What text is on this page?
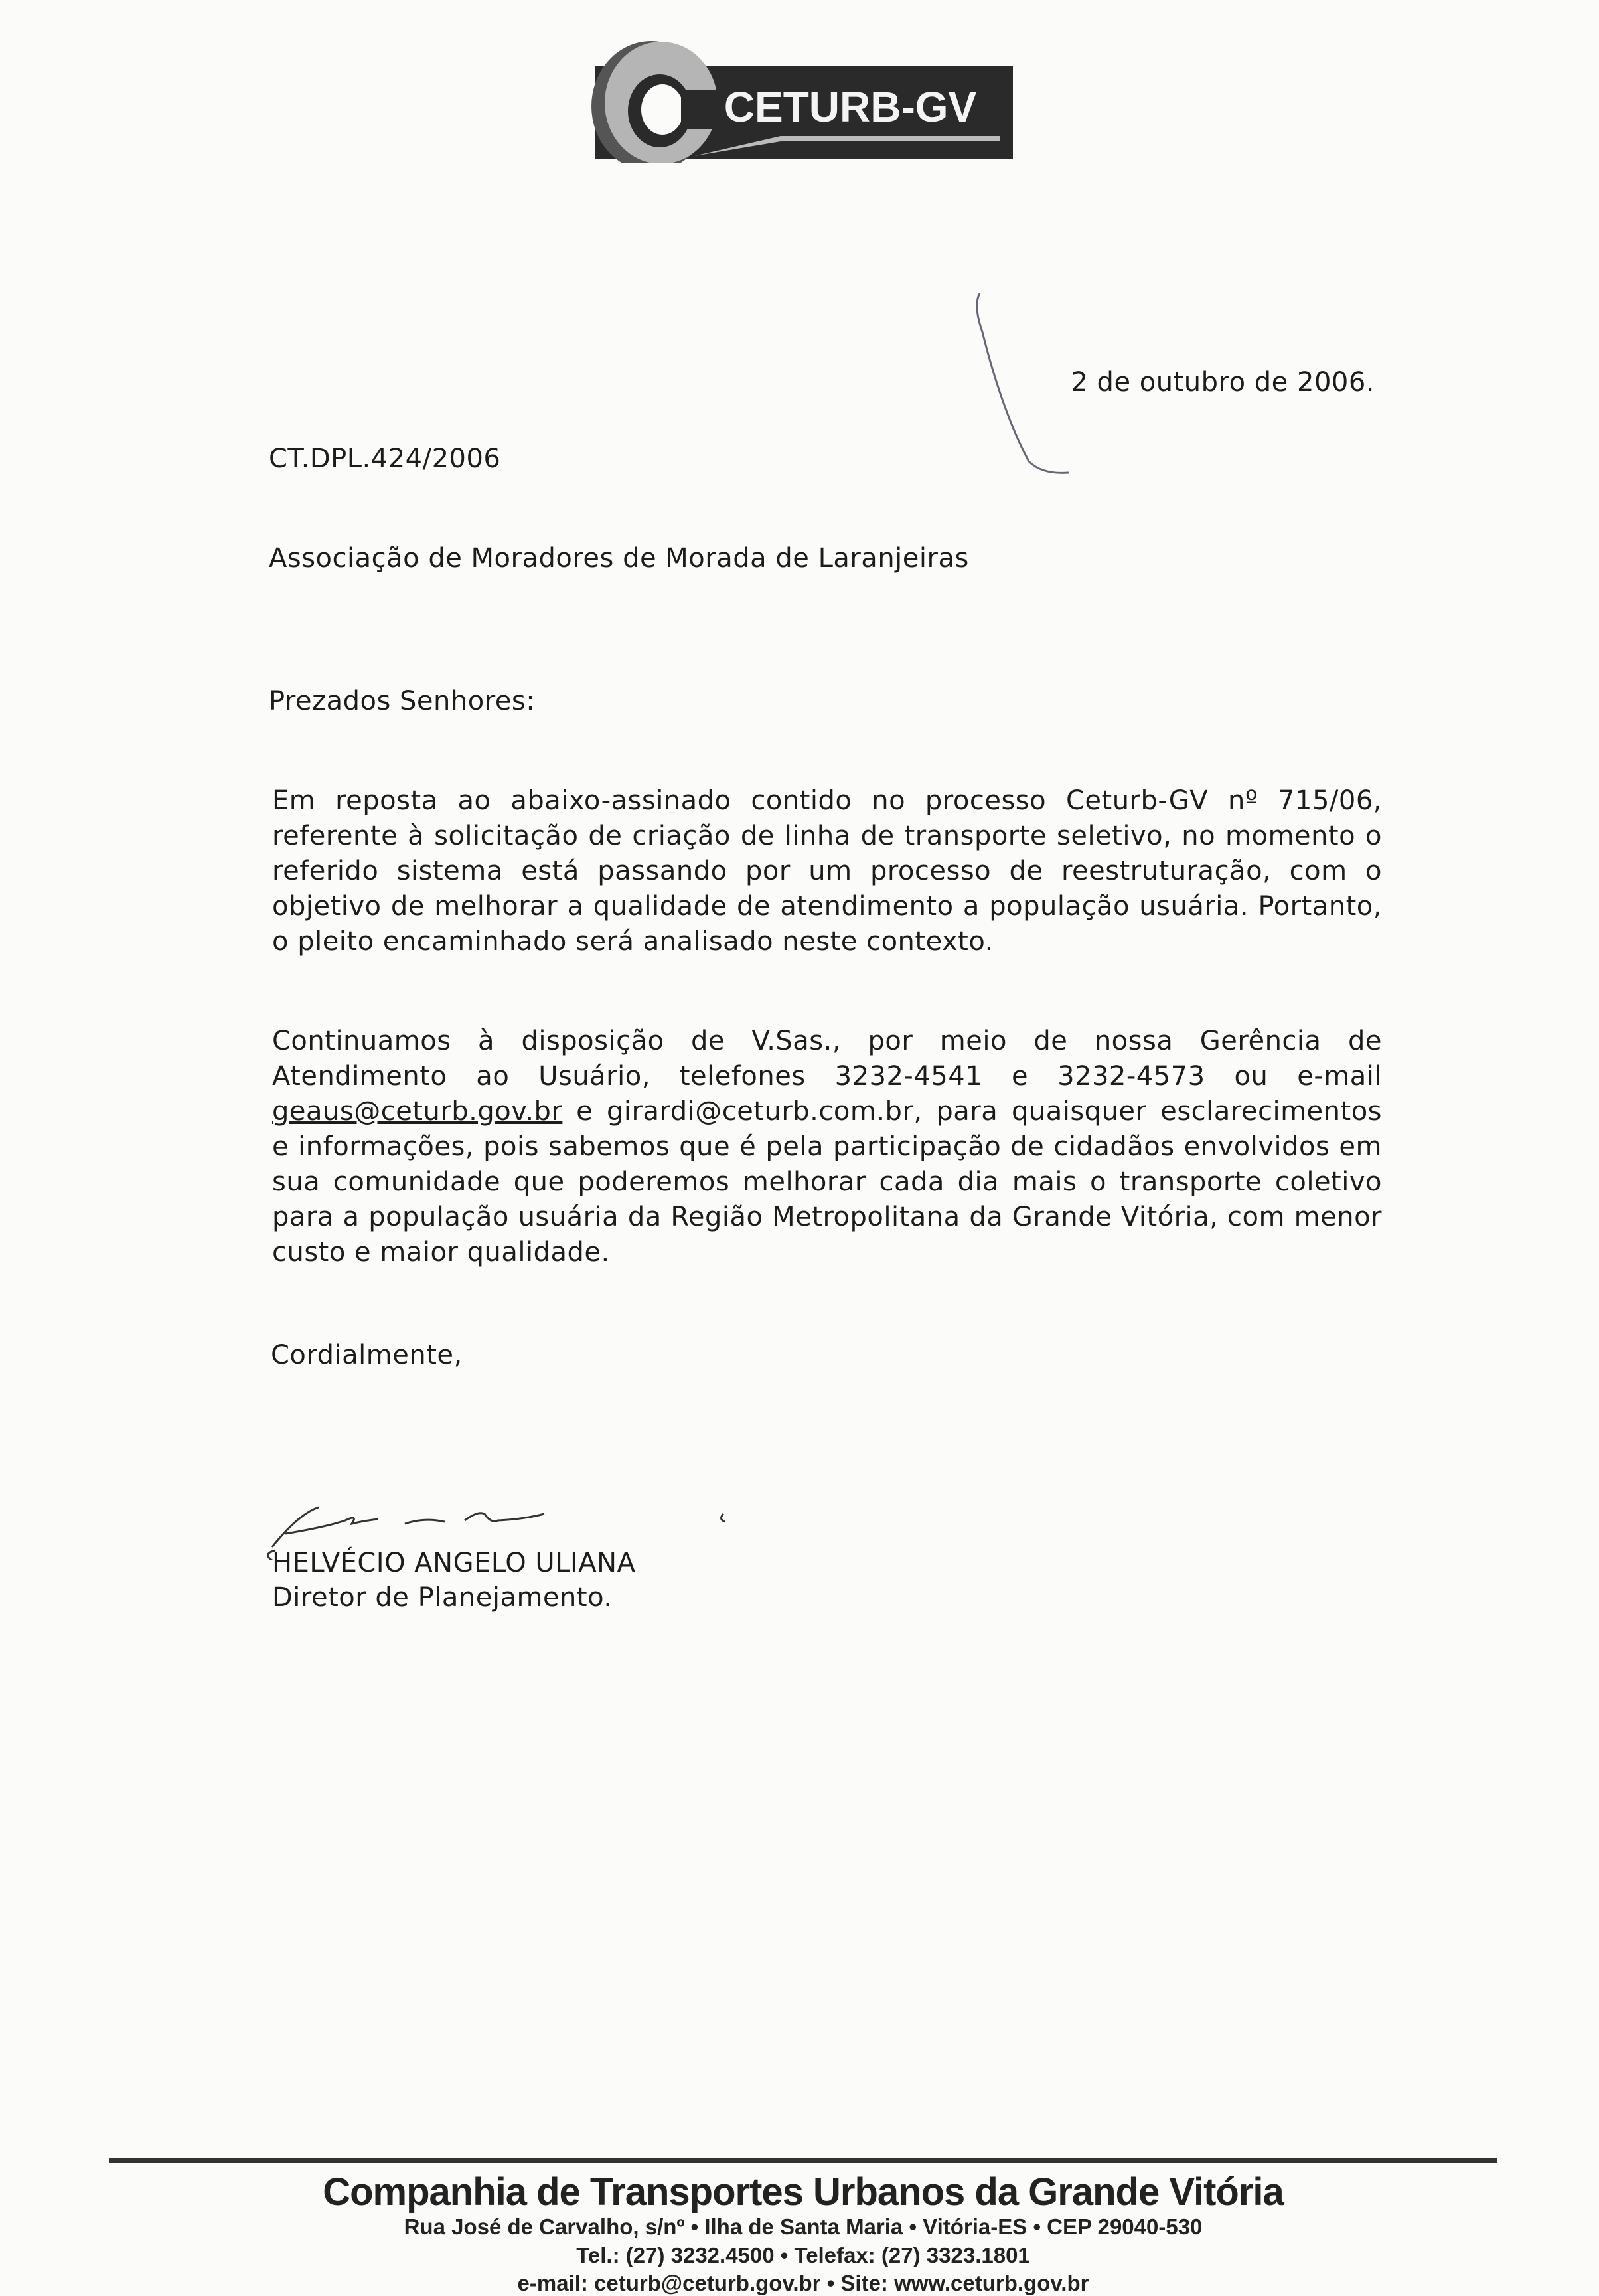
CETURB-GV
2 de outubro de 2006.
CT.DPL.424/2006
Associação de Moradores de Morada de Laranjeiras
Prezados Senhores:
Em reposta ao abaixo-assinado contido no processo Ceturb-GV nº 715/06, referente à solicitação de criação de linha de transporte seletivo, no momento o referido sistema está passando por um processo de reestruturação, com o objetivo de melhorar a qualidade de atendimento a população usuária. Portanto, o pleito encaminhado será analisado neste contexto.
Continuamos à disposição de V.Sas., por meio de nossa Gerência de Atendimento ao Usuário, telefones 3232-4541 e 3232-4573 ou e-mail geaus@ceturb.gov.br e girardi@ceturb.com.br, para quaisquer esclarecimentos e informações, pois sabemos que é pela participação de cidadãos envolvidos em sua comunidade que poderemos melhorar cada dia mais o transporte coletivo para a população usuária da Região Metropolitana da Grande Vitória, com menor custo e maior qualidade.
Cordialmente,
HELVÉCIO ANGELO ULIANA
Diretor de Planejamento.
Companhia de Transportes Urbanos da Grande Vitória
Rua José de Carvalho, s/nº • Ilha de Santa Maria • Vitória-ES • CEP 29040-530
Tel.: (27) 3232.4500 • Telefax: (27) 3323.1801
e-mail: ceturb@ceturb.gov.br • Site: www.ceturb.gov.br
